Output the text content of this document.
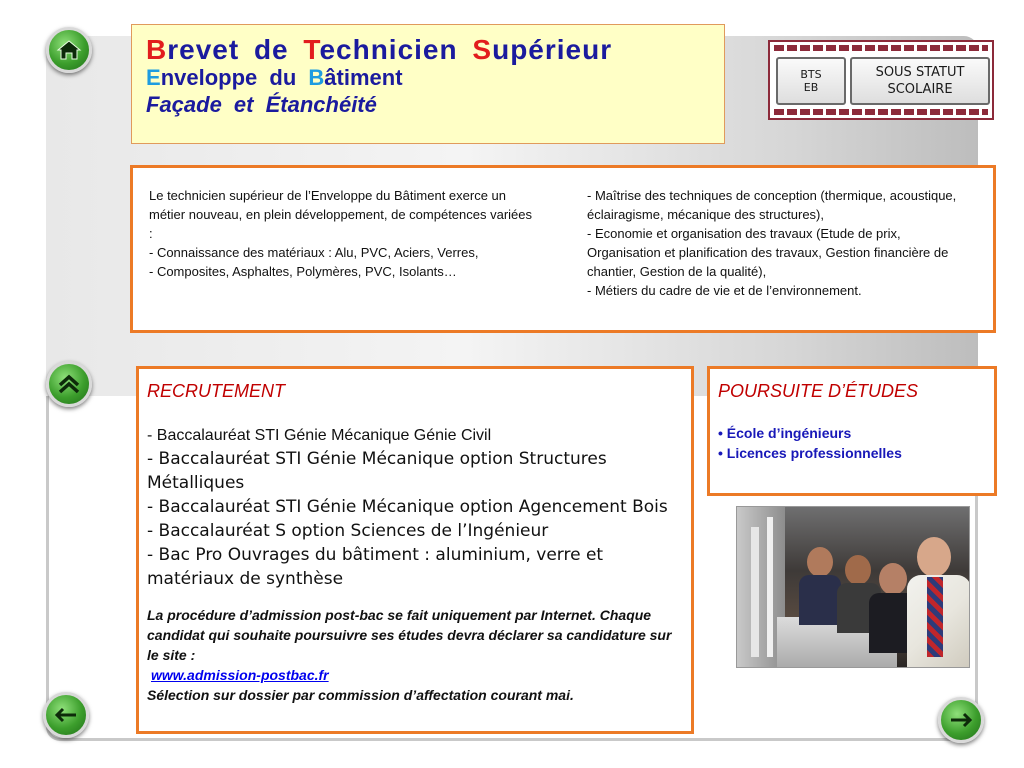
Brevet de Technicien Supérieur
Enveloppe du Bâtiment
Façade et Étanchéité
BTS
EB
SOUS STATUT
SCOLAIRE
Le technicien supérieur de l’Enveloppe du Bâtiment exerce un métier nouveau, en plein développement, de compétences variées :
- Connaissance des matériaux : Alu, PVC, Aciers, Verres,
- Composites, Asphaltes, Polymères, PVC, Isolants…
- Maîtrise des techniques de conception (thermique, acoustique, éclairagisme, mécanique des structures),
- Economie et organisation des travaux (Etude de prix, Organisation et planification des travaux, Gestion financière de chantier, Gestion de la qualité),
- Métiers du cadre de vie et de l’environnement.
RECRUTEMENT
- Baccalauréat STI Génie Mécanique Génie Civil
- Baccalauréat STI Génie Mécanique option Structures Métalliques
- Baccalauréat STI Génie Mécanique option Agencement Bois
- Baccalauréat S option Sciences de l’Ingénieur
- Bac Pro Ouvrages du bâtiment : aluminium, verre et matériaux de synthèse
La procédure d’admission post-bac se fait uniquement par Internet. Chaque candidat qui souhaite poursuivre ses études devra déclarer sa candidature sur le site :
www.admission-postbac.fr
Sélection sur dossier par commission d’affectation courant mai.
POURSUITE D’ÉTUDES
• École d’ingénieurs
• Licences professionnelles
